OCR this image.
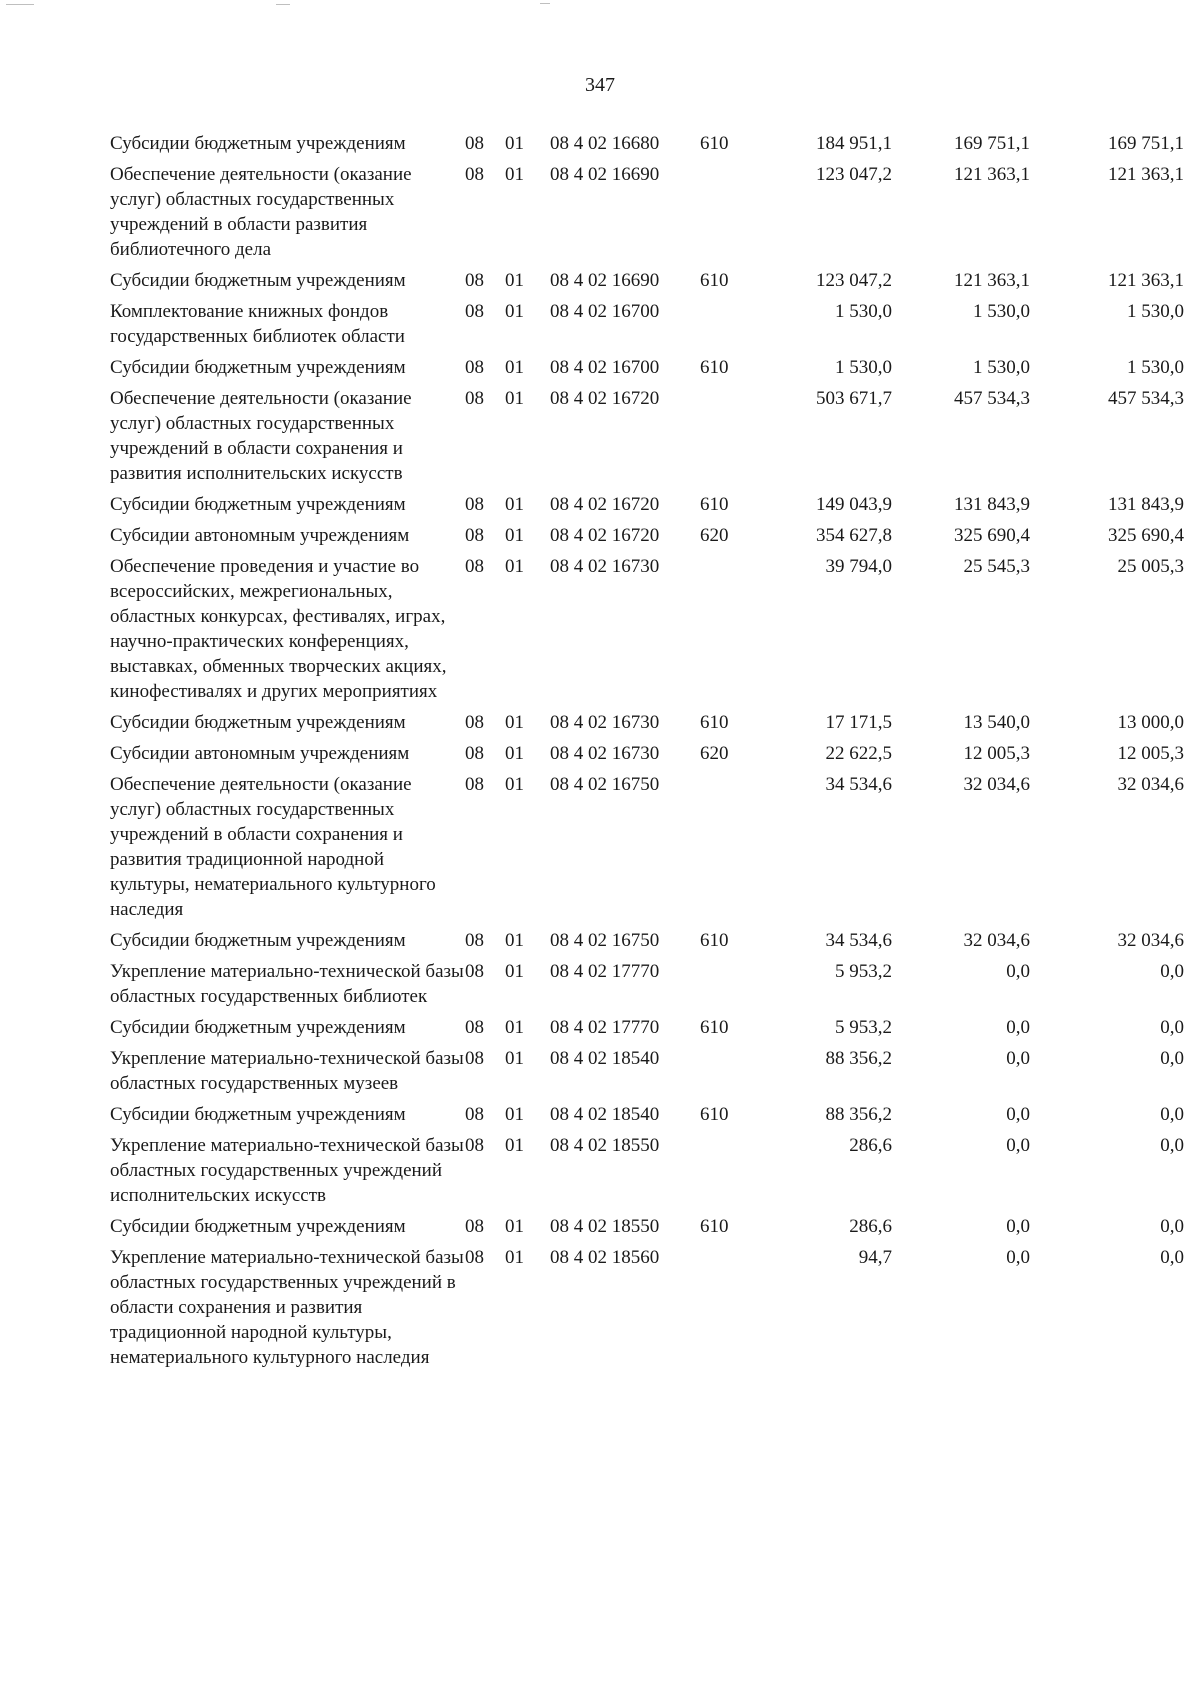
347
Субсидии бюджетным учреждениям	08	01	08 4 02 16680	610	184 951,1	169 751,1	169 751,1
Обеспечение деятельности (оказание услуг) областных государственных учреждений в области развития библиотечного дела	08	01	08 4 02 16690		123 047,2	121 363,1	121 363,1
Субсидии бюджетным учреждениям	08	01	08 4 02 16690	610	123 047,2	121 363,1	121 363,1
Комплектование книжных фондов государственных библиотек области	08	01	08 4 02 16700		1 530,0	1 530,0	1 530,0
Субсидии бюджетным учреждениям	08	01	08 4 02 16700	610	1 530,0	1 530,0	1 530,0
Обеспечение деятельности (оказание услуг) областных государственных учреждений в области сохранения и развития исполнительских искусств	08	01	08 4 02 16720		503 671,7	457 534,3	457 534,3
Субсидии бюджетным учреждениям	08	01	08 4 02 16720	610	149 043,9	131 843,9	131 843,9
Субсидии автономным учреждениям	08	01	08 4 02 16720	620	354 627,8	325 690,4	325 690,4
Обеспечение проведения и участие во всероссийских, межрегиональных, областных конкурсах, фестивалях, играх, научно-практических конференциях, выставках, обменных творческих акциях, кинофестивалях и других мероприятиях	08	01	08 4 02 16730		39 794,0	25 545,3	25 005,3
Субсидии бюджетным учреждениям	08	01	08 4 02 16730	610	17 171,5	13 540,0	13 000,0
Субсидии автономным учреждениям	08	01	08 4 02 16730	620	22 622,5	12 005,3	12 005,3
Обеспечение деятельности (оказание услуг) областных государственных учреждений в области сохранения и развития традиционной народной культуры, нематериального культурного наследия	08	01	08 4 02 16750		34 534,6	32 034,6	32 034,6
Субсидии бюджетным учреждениям	08	01	08 4 02 16750	610	34 534,6	32 034,6	32 034,6
Укрепление материально-технической базы областных государственных библиотек	08	01	08 4 02 17770		5 953,2	0,0	0,0
Субсидии бюджетным учреждениям	08	01	08 4 02 17770	610	5 953,2	0,0	0,0
Укрепление материально-технической базы областных государственных музеев	08	01	08 4 02 18540		88 356,2	0,0	0,0
Субсидии бюджетным учреждениям	08	01	08 4 02 18540	610	88 356,2	0,0	0,0
Укрепление материально-технической базы областных государственных учреждений исполнительских искусств	08	01	08 4 02 18550		286,6	0,0	0,0
Субсидии бюджетным учреждениям	08	01	08 4 02 18550	610	286,6	0,0	0,0
Укрепление материально-технической базы областных государственных учреждений в области сохранения и развития традиционной народной культуры, нематериального культурного наследия	08	01	08 4 02 18560		94,7	0,0	0,0
